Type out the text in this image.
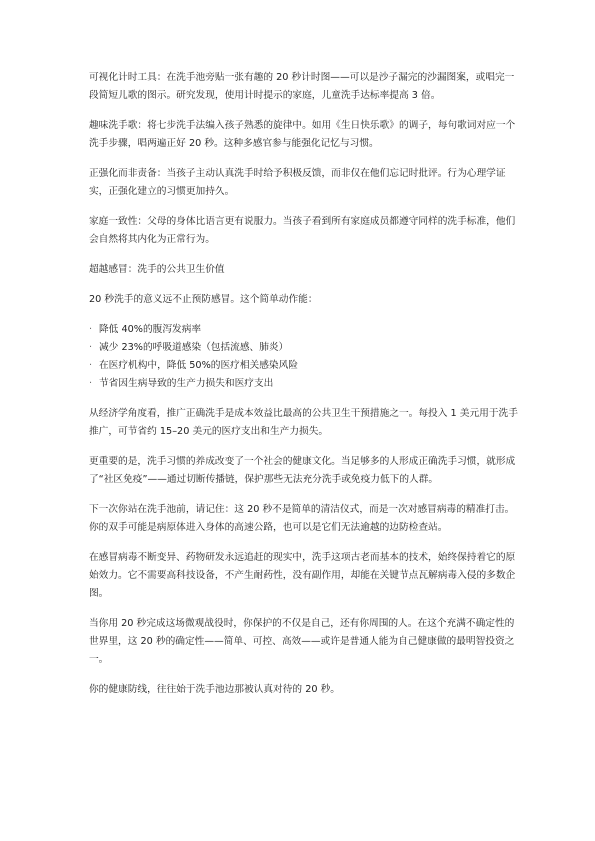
可视化计时工具：在洗手池旁贴一张有趣的 20 秒计时图——可以是沙子漏完的沙漏图案，或唱完一段简短儿歌的图示。研究发现，使用计时提示的家庭，儿童洗手达标率提高 3 倍。

趣味洗手歌：将七步洗手法编入孩子熟悉的旋律中。如用《生日快乐歌》的调子，每句歌词对应一个洗手步骤，唱两遍正好 20 秒。这种多感官参与能强化记忆与习惯。

正强化而非责备：当孩子主动认真洗手时给予积极反馈，而非仅在他们忘记时批评。行为心理学证实，正强化建立的习惯更加持久。

家庭一致性：父母的身体比语言更有说服力。当孩子看到所有家庭成员都遵守同样的洗手标准，他们会自然将其内化为正常行为。

超越感冒：洗手的公共卫生价值

20 秒洗手的意义远不止预防感冒。这个简单动作能：

· 降低 40%的腹泻发病率
· 减少 23%的呼吸道感染（包括流感、肺炎）
· 在医疗机构中，降低 50%的医疗相关感染风险
· 节省因生病导致的生产力损失和医疗支出

从经济学角度看，推广正确洗手是成本效益比最高的公共卫生干预措施之一。每投入 1 美元用于洗手推广，可节省约 15–20 美元的医疗支出和生产力损失。

更重要的是，洗手习惯的养成改变了一个社会的健康文化。当足够多的人形成正确洗手习惯，就形成了“社区免疫”——通过切断传播链，保护那些无法充分洗手或免疫力低下的人群。

下一次你站在洗手池前，请记住：这 20 秒不是简单的清洁仪式，而是一次对感冒病毒的精准打击。你的双手可能是病原体进入身体的高速公路，也可以是它们无法逾越的边防检查站。

在感冒病毒不断变异、药物研发永远追赶的现实中，洗手这项古老而基本的技术，始终保持着它的原始效力。它不需要高科技设备，不产生耐药性，没有副作用，却能在关键节点瓦解病毒入侵的多数企图。

当你用 20 秒完成这场微观战役时，你保护的不仅是自己，还有你周围的人。在这个充满不确定性的世界里，这 20 秒的确定性——简单、可控、高效——或许是普通人能为自己健康做的最明智投资之一。

你的健康防线，往往始于洗手池边那被认真对待的 20 秒。
